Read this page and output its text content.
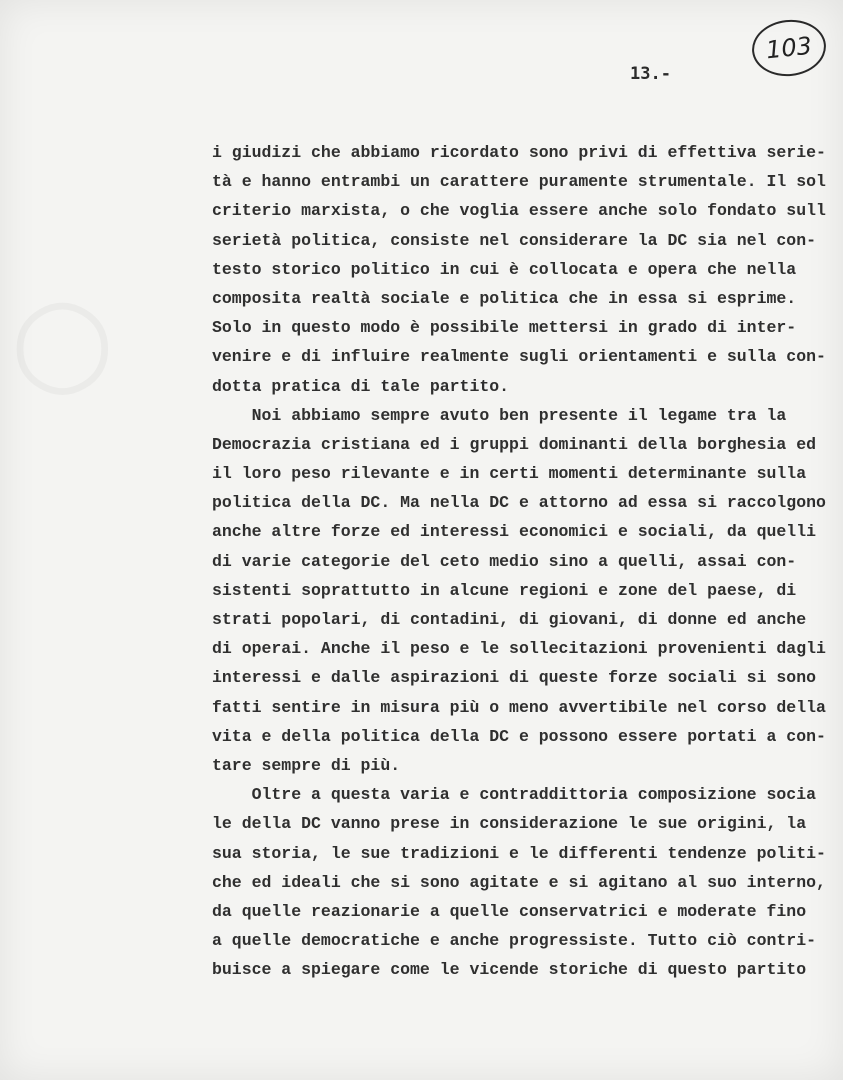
103
13.-
i giudizi che abbiamo ricordato sono privi di effettiva serie-
tà e hanno entrambi un carattere puramente strumentale. Il sol
criterio marxista, o che voglia essere anche solo fondato sull
serietà politica, consiste nel considerare la DC sia nel con-
testo storico politico in cui è collocata e opera che nella
composita realtà sociale e politica che in essa si esprime.
Solo in questo modo è possibile mettersi in grado di inter-
venire e di influire realmente sugli orientamenti e sulla con-
dotta pratica di tale partito.
Noi abbiamo sempre avuto ben presente il legame tra la
Democrazia cristiana ed i gruppi dominanti della borghesia ed
il loro peso rilevante e in certi momenti determinante sulla
politica della DC. Ma nella DC e attorno ad essa si raccolgono
anche altre forze ed interessi economici e sociali, da quelli
di varie categorie del ceto medio sino a quelli, assai con-
sistenti soprattutto in alcune regioni e zone del paese, di
strati popolari, di contadini, di giovani, di donne ed anche
di operai. Anche il peso e le sollecitazioni provenienti dagli
interessi e dalle aspirazioni di queste forze sociali si sono
fatti sentire in misura più o meno avvertibile nel corso della
vita e della politica della DC e possono essere portati a con-
tare sempre di più.
Oltre a questa varia e contraddittoria composizione socia
le della DC vanno prese in considerazione le sue origini, la
sua storia, le sue tradizioni e le differenti tendenze politi-
che ed ideali che si sono agitate e si agitano al suo interno,
da quelle reazionarie a quelle conservatrici e moderate fino
a quelle democratiche e anche progressiste. Tutto ciò contri-
buisce a spiegare come le vicende storiche di questo partito
